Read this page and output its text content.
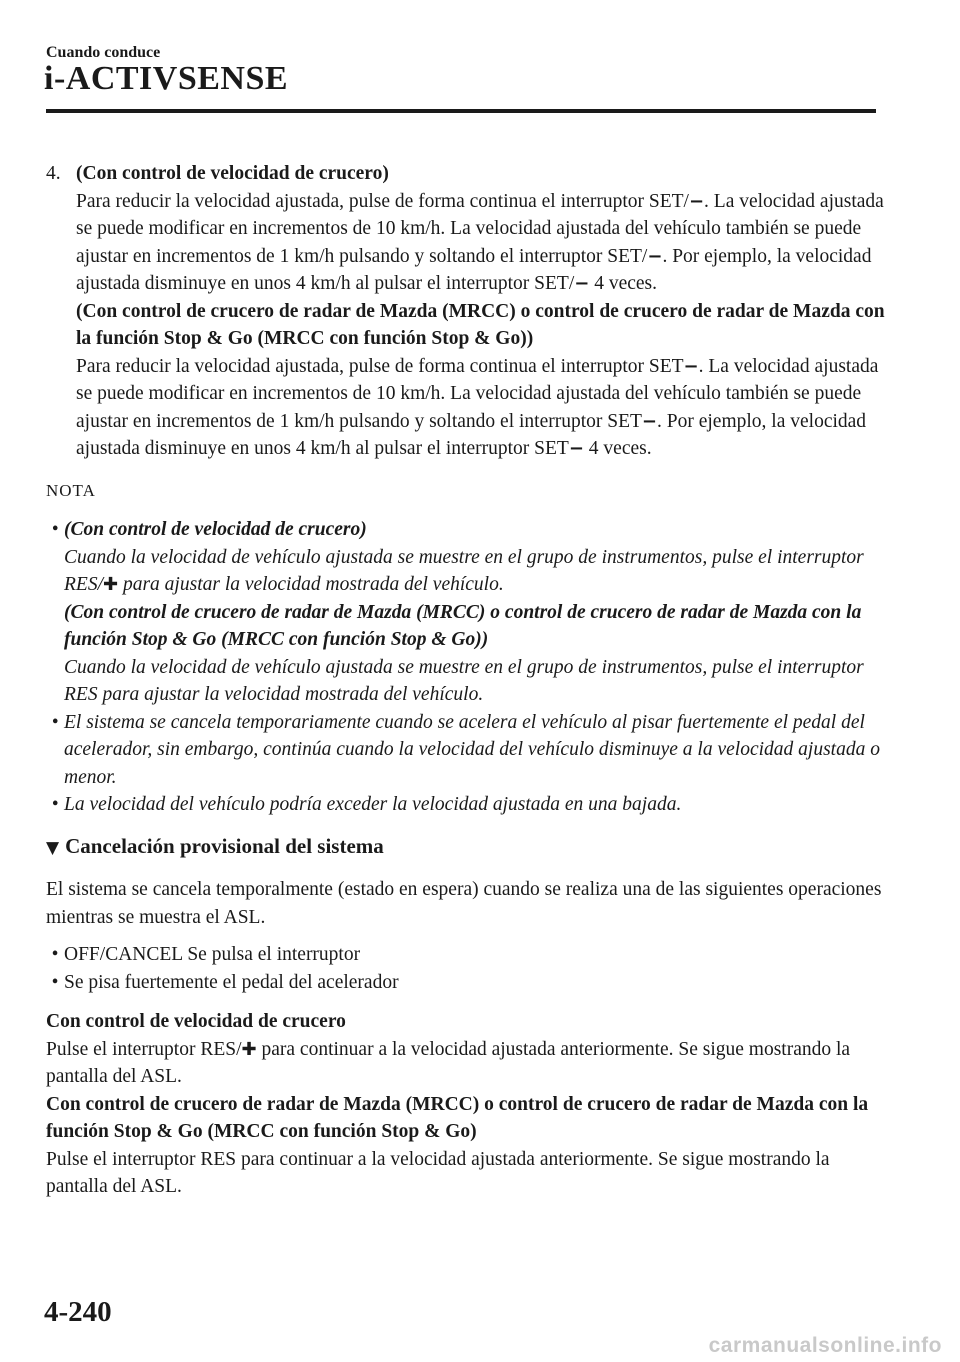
Cuando conduce
i-ACTIVSENSE
4. (Con control de velocidad de crucero)

Para reducir la velocidad ajustada, pulse de forma continua el interruptor SET/−. La velocidad ajustada se puede modificar en incrementos de 10 km/h. La velocidad ajustada del vehículo también se puede ajustar en incrementos de 1 km/h pulsando y soltando el interruptor SET/−. Por ejemplo, la velocidad ajustada disminuye en unos 4 km/h al pulsar el interruptor SET/− 4 veces.

(Con control de crucero de radar de Mazda (MRCC) o control de crucero de radar de Mazda con la función Stop & Go (MRCC con función Stop & Go))

Para reducir la velocidad ajustada, pulse de forma continua el interruptor SET−. La velocidad ajustada se puede modificar en incrementos de 10 km/h. La velocidad ajustada del vehículo también se puede ajustar en incrementos de 1 km/h pulsando y soltando el interruptor SET−. Por ejemplo, la velocidad ajustada disminuye en unos 4 km/h al pulsar el interruptor SET− 4 veces.

NOTA

• (Con control de velocidad de crucero)

Cuando la velocidad de vehículo ajustada se muestre en el grupo de instrumentos, pulse el interruptor RES/✚ para ajustar la velocidad mostrada del vehículo.

(Con control de crucero de radar de Mazda (MRCC) o control de crucero de radar de Mazda con la función Stop & Go (MRCC con función Stop & Go))

Cuando la velocidad de vehículo ajustada se muestre en el grupo de instrumentos, pulse el interruptor RES para ajustar la velocidad mostrada del vehículo.

• El sistema se cancela temporariamente cuando se acelera el vehículo al pisar fuertemente el pedal del acelerador, sin embargo, continúa cuando la velocidad del vehículo disminuye a la velocidad ajustada o menor.
• La velocidad del vehículo podría exceder la velocidad ajustada en una bajada.

▼ Cancelación provisional del sistema

El sistema se cancela temporalmente (estado en espera) cuando se realiza una de las siguientes operaciones mientras se muestra el ASL.

• OFF/CANCEL Se pulsa el interruptor
• Se pisa fuertemente el pedal del acelerador

Con control de velocidad de crucero

Pulse el interruptor RES/✚ para continuar a la velocidad ajustada anteriormente. Se sigue mostrando la pantalla del ASL.

Con control de crucero de radar de Mazda (MRCC) o control de crucero de radar de Mazda con la función Stop & Go (MRCC con función Stop & Go)

Pulse el interruptor RES para continuar a la velocidad ajustada anteriormente. Se sigue mostrando la pantalla del ASL.

4-240
carmanualsonline.info
